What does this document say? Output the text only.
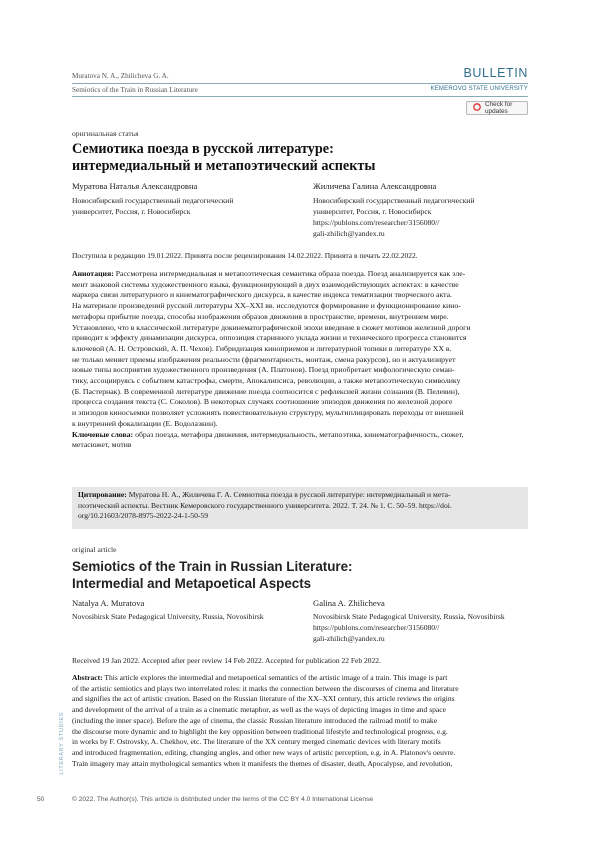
Muratova N. A., Zhilicheva G. A.
Semiotics of the Train in Russian Literature
BULLETIN
KEMEROVO STATE UNIVERSITY
Check for updates
оригинальная статья
Семиотика поезда в русской литературе:
интермедиальный и метапоэтический аспекты
Муратова Наталья Александровна
Новосибирский государственный педагогический
университет, Россия, г. Новосибирск
Жиличева Галина Александровна
Новосибирский государственный педагогический
университет, Россия, г. Новосибирск
https://publons.com/researcher/3156080//
gali-zhilich@yandex.ru
Поступила в редакцию 19.01.2022. Принята после рецензирования 14.02.2022. Принята в печать 22.02.2022.
Аннотация: Рассмотрена интермедиальная и метапоэтическая семантика образа поезда. Поезд анализируется как эле-
мент знаковой системы художественного языка, функционирующий в двух взаимодействующих аспектах: в качестве
маркера связи литературного и кинематографического дискурса, в качестве индекса тематизации творческого акта.
На материале произведений русской литературы XX–XXI вв. исследуются формирование и функционирование кино-
метафоры прибытие поезда, способы изображения образов движения в пространстве, времени, внутреннем мире.
Установлено, что в классической литературе докинематографической эпохи введение в сюжет мотивов железной дороги
приводит к эффекту динамизации дискурса, оппозиция старинного уклада жизни и технического прогресса становится
ключевой (А. Н. Островский, А. П. Чехов). Гибридизация киноприемов и литературной топики в литературе XX в.
не только меняет приемы изображения реальности (фрагментарность, монтаж, смена ракурсов), но и актуализирует
новые типы восприятия художественного произведения (А. Платонов). Поезд приобретает мифологическую семан-
тику, ассоциируясь с событием катастрофы, смерти, Апокалипсиса, революции, а также метапоэтическую символику
(Б. Пастернак). В современной литературе движение поезда соотносится с рефлексией жизни сознания (В. Пелевин),
процесса создания текста (С. Соколов). В некоторых случаях соотношение эпизодов движения по железной дороге
и эпизодов киносъемки позволяет усложнять повествовательную структуру, мультиплицировать переходы от внешней
к внутренней фокализации (Е. Водолазкин).
Ключевые слова: образ поезда, метафора движения, интермедиальность, метапоэтика, кинематографичность, сюжет,
метасюжет, мотив
Цитирование: Муратова Н. А., Жиличева Г. А. Семиотика поезда в русской литературе: интермедиальный и мета-
поэтический аспекты. Вестник Кемеровского государственного университета. 2022. Т. 24. № 1. С. 50–59. https://doi.
org/10.21603/2078-8975-2022-24-1-50-59
original article
Semiotics of the Train in Russian Literature:
Intermedial and Metapoetical Aspects
Natalya A. Muratova
Novosibirsk State Pedagogical University, Russia, Novosibirsk
Galina A. Zhilicheva
Novosibirsk State Pedagogical University, Russia, Novosibirsk
https://publons.com/researcher/3156080//
gali-zhilich@yandex.ru
Received 19 Jan 2022. Accepted after peer review 14 Feb 2022. Accepted for publication 22 Feb 2022.
Abstract: This article explores the intermedial and metapoetical semantics of the artistic image of a train. This image is part
of the artistic semiotics and plays two interrelated roles: it marks the connection between the discourses of cinema and literature
and signifies the act of artistic creation. Based on the Russian literature of the XX–XXI century, this article reviews the origins
and development of the arrival of a train as a cinematic metaphor, as well as the ways of depicting images in time and space
(including the inner space). Before the age of cinema, the classic Russian literature introduced the railroad motif to make
the discourse more dynamic and to highlight the key opposition between traditional lifestyle and technological progress, e.g.
in works by F. Ostrovsky, A. Chekhov, etc. The literature of the XX century merged cinematic devices with literary motifs
and introduced fragmentation, editing, changing angles, and other new ways of artistic perception, e.g. in A. Platonov's oeuvre.
Train imagery may attain mythological semantics when it manifests the themes of disaster, death, Apocalypse, and revolution,
LITERARY STUDIES
50	© 2022. The Author(s). This article is distributed under the terms of the CC BY 4.0 International License
